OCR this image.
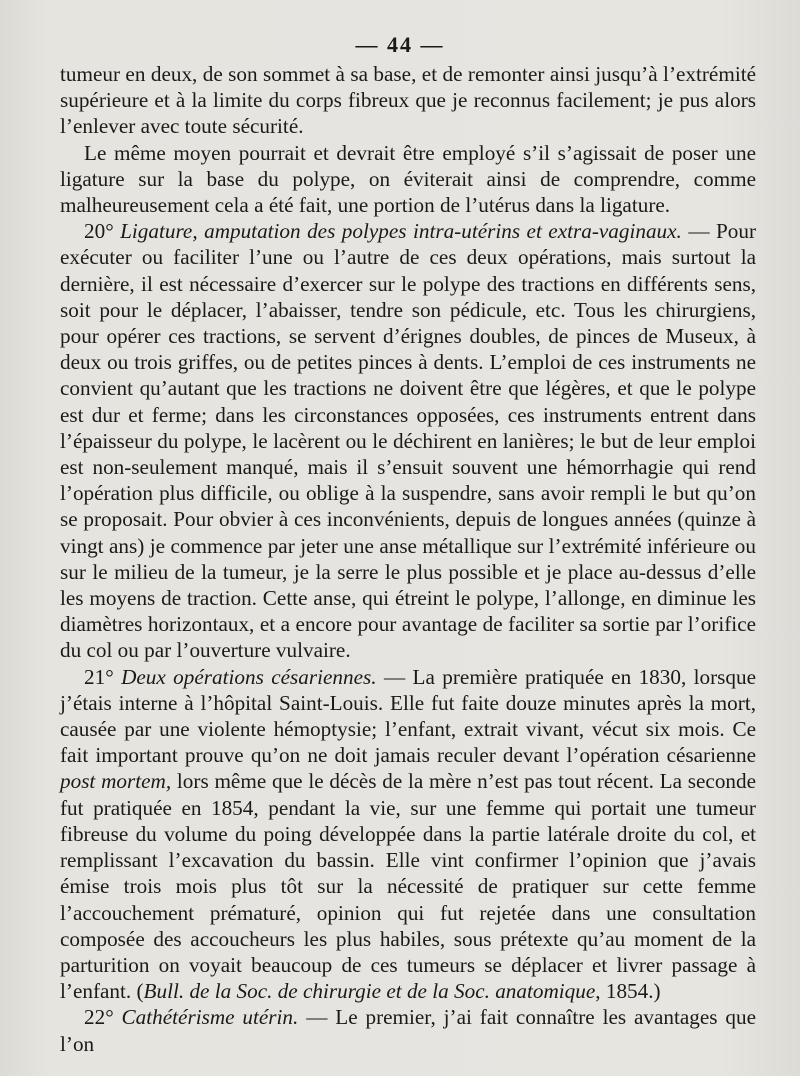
— 44 —

tumeur en deux, de son sommet à sa base, et de remonter ainsi jusqu’à l’extrémité supérieure et à la limite du corps fibreux que je reconnus facilement; je pus alors l’enlever avec toute sécurité.

Le même moyen pourrait et devrait être employé s’il s’agissait de poser une ligature sur la base du polype, on éviterait ainsi de comprendre, comme malheureusement cela a été fait, une portion de l’utérus dans la ligature.

20° Ligature, amputation des polypes intra-utérins et extra-vaginaux. — Pour exécuter ou faciliter l’une ou l’autre de ces deux opérations, mais surtout la dernière, il est nécessaire d’exercer sur le polype des tractions en différents sens, soit pour le déplacer, l’abaisser, tendre son pédicule, etc. Tous les chirurgiens, pour opérer ces tractions, se servent d’érignes doubles, de pinces de Museux, à deux ou trois griffes, ou de petites pinces à dents. L’emploi de ces instruments ne convient qu’autant que les tractions ne doivent être que légères, et que le polype est dur et ferme; dans les circonstances opposées, ces instruments entrent dans l’épaisseur du polype, le lacèrent ou le déchirent en lanières; le but de leur emploi est non-seulement manqué, mais il s’ensuit souvent une hémorrhagie qui rend l’opération plus difficile, ou oblige à la suspendre, sans avoir rempli le but qu’on se proposait. Pour obvier à ces inconvénients, depuis de longues années (quinze à vingt ans) je commence par jeter une anse métallique sur l’extrémité inférieure ou sur le milieu de la tumeur, je la serre le plus possible et je place au-dessus d’elle les moyens de traction. Cette anse, qui étreint le polype, l’allonge, en diminue les diamètres horizontaux, et a encore pour avantage de faciliter sa sortie par l’orifice du col ou par l’ouverture vulvaire.

21° Deux opérations césariennes. — La première pratiquée en 1830, lorsque j’étais interne à l’hôpital Saint-Louis. Elle fut faite douze minutes après la mort, causée par une violente hémoptysie; l’enfant, extrait vivant, vécut six mois. Ce fait important prouve qu’on ne doit jamais reculer devant l’opération césarienne post mortem, lors même que le décès de la mère n’est pas tout récent. La seconde fut pratiquée en 1854, pendant la vie, sur une femme qui portait une tumeur fibreuse du volume du poing développée dans la partie latérale droite du col, et remplissant l’excavation du bassin. Elle vint confirmer l’opinion que j’avais émise trois mois plus tôt sur la nécessité de pratiquer sur cette femme l’accouchement prématuré, opinion qui fut rejetée dans une consultation composée des accoucheurs les plus habiles, sous prétexte qu’au moment de la parturition on voyait beaucoup de ces tumeurs se déplacer et livrer passage à l’enfant. (Bull. de la Soc. de chirurgie et de la Soc. anatomique, 1854.)

22° Cathétérisme utérin. — Le premier, j’ai fait connaître les avantages que l’on
